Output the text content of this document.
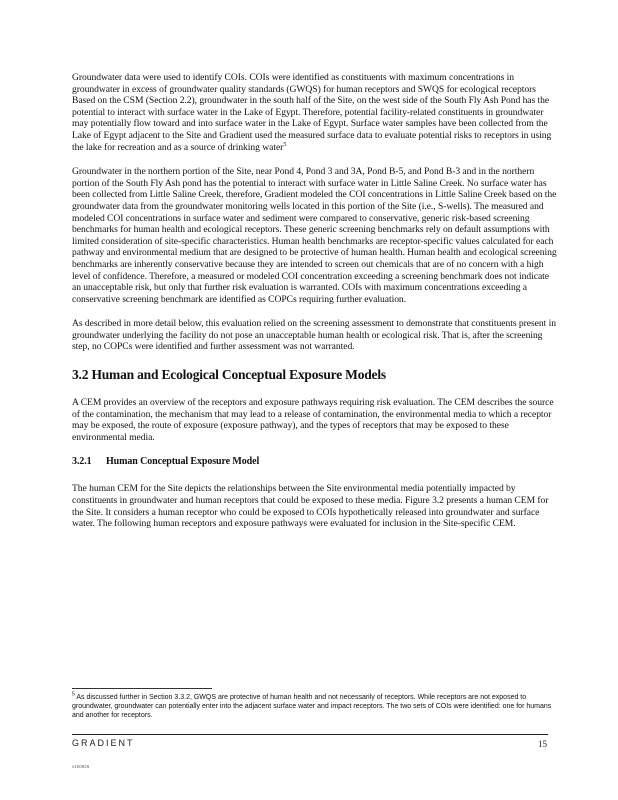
Groundwater data were used to identify COIs. COIs were identified as constituents with maximum concentrations in groundwater in excess of groundwater quality standards (GWQS) for human receptors and SWQS for ecological receptors Based on the CSM (Section 2.2), groundwater in the south half of the Site, on the west side of the South Fly Ash Pond has the potential to interact with surface water in the Lake of Egypt. Therefore, potential facility-related constituents in groundwater may potentially flow toward and into surface water in the Lake of Egypt. Surface water samples have been collected from the Lake of Egypt adjacent to the Site and Gradient used the measured surface data to evaluate potential risks to receptors in using the lake for recreation and as a source of drinking water$^5$

Groundwater in the northern portion of the Site, near Pond 4, Pond 3 and 3A, Pond B-5, and Pond B-3 and in the northern portion of the South Fly Ash pond has the potential to interact with surface water in Little Saline Creek. No surface water has been collected from Little Saline Creek, therefore, Gradient modeled the COI concentrations in Little Saline Creek based on the groundwater data from the groundwater monitoring wells located in this portion of the Site (i.e., S-wells). The measured and modeled COI concentrations in surface water and sediment were compared to conservative, generic risk-based screening benchmarks for human health and ecological receptors. These generic screening benchmarks rely on default assumptions with limited consideration of site-specific characteristics. Human health benchmarks are receptor-specific values calculated for each pathway and environmental medium that are designed to be protective of human health. Human health and ecological screening benchmarks are inherently conservative because they are intended to screen out chemicals that are of no concern with a high level of confidence. Therefore, a measured or modeled COI concentration exceeding a screening benchmark does not indicate an unacceptable risk, but only that further risk evaluation is warranted. COIs with maximum concentrations exceeding a conservative screening benchmark are identified as COPCs requiring further evaluation.

As described in more detail below, this evaluation relied on the screening assessment to demonstrate that constituents present in groundwater underlying the facility do not pose an unacceptable human health or ecological risk. That is, after the screening step, no COPCs were identified and further assessment was not warranted.

3.2 Human and Ecological Conceptual Exposure Models

A CEM provides an overview of the receptors and exposure pathways requiring risk evaluation. The CEM describes the source of the contamination, the mechanism that may lead to a release of contamination, the environmental media to which a receptor may be exposed, the route of exposure (exposure pathway), and the types of receptors that may be exposed to these environmental media.

3.2.1 Human Conceptual Exposure Model

The human CEM for the Site depicts the relationships between the Site environmental media potentially impacted by constituents in groundwater and human receptors that could be exposed to these media. Figure 3.2 presents a human CEM for the Site. It considers a human receptor who could be exposed to COIs hypothetically released into groundwater and surface water. The following human receptors and exposure pathways were evaluated for inclusion in the Site-specific CEM.

$^5$ As discussed further in Section 3.3.2, GWQS are protective of human health and not necessarily of receptors. While receptors are not exposed to groundwater, groundwater can potentially enter into the adjacent surface water and impact receptors. The two sets of COIs were identified: one for humans and another for receptors.
GRADIENT	15
v160926
